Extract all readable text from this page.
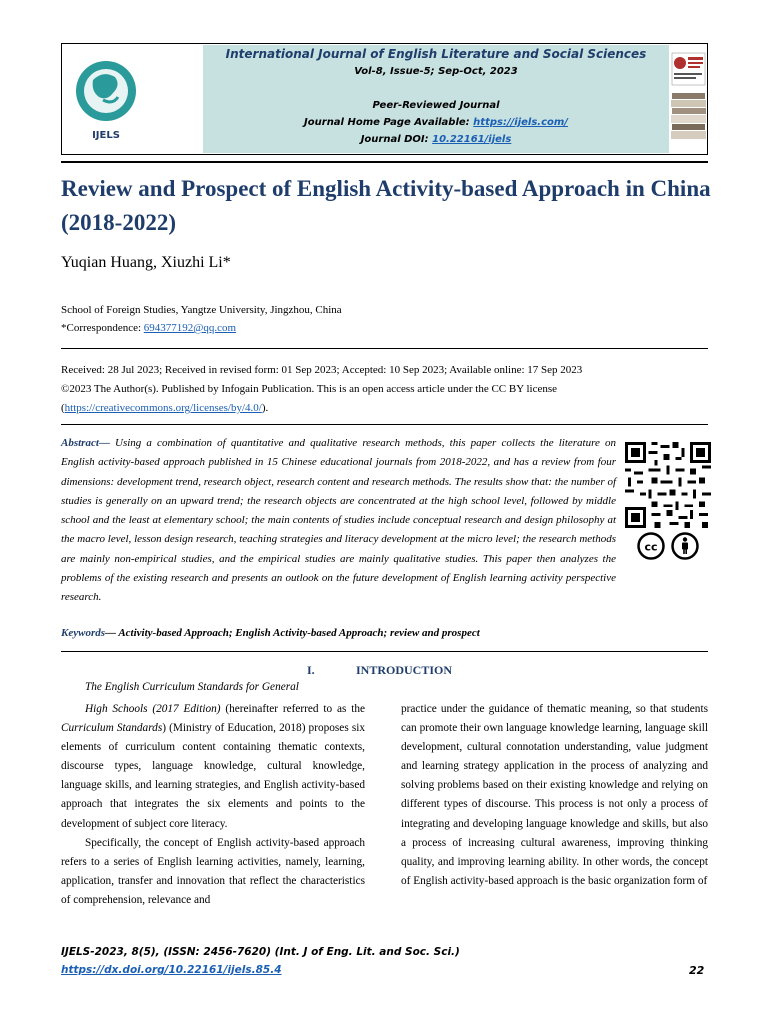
IJELS
International Journal of English Literature and Social Sciences
Vol-8, Issue-5; Sep-Oct, 2023
Peer-Reviewed Journal
Journal Home Page Available: https://ijels.com/
Journal DOI: 10.22161/ijels
Review and Prospect of English Activity-based Approach in China (2018-2022)
Yuqian Huang, Xiuzhi Li*
School of Foreign Studies, Yangtze University, Jingzhou, China
*Correspondence: 694377192@qq.com
Received: 28 Jul 2023; Received in revised form: 01 Sep 2023; Accepted: 10 Sep 2023; Available online: 17 Sep 2023
©2023 The Author(s). Published by Infogain Publication. This is an open access article under the CC BY license
(https://creativecommons.org/licenses/by/4.0/).
Abstract— Using a combination of quantitative and qualitative research methods, this paper collects the literature on English activity-based approach published in 15 Chinese educational journals from 2018-2022, and has a review from four dimensions: development trend, research object, research content and research methods. The results show that: the number of studies is generally on an upward trend; the research objects are concentrated at the high school level, followed by middle school and the least at elementary school; the main contents of studies include conceptual research and design philosophy at the macro level, lesson design research, teaching strategies and literacy development at the micro level; the research methods are mainly non-empirical studies, and the empirical studies are mainly qualitative studies. This paper then analyzes the problems of the existing research and presents an outlook on the future development of English learning activity perspective research.
cc
Keywords— Activity-based Approach; English Activity-based Approach; review and prospect
I.	INTRODUCTION
The English Curriculum Standards for General

High Schools (2017 Edition) (hereinafter referred to as the Curriculum Standards) (Ministry of Education, 2018) proposes six elements of curriculum content containing thematic contexts, discourse types, language knowledge, cultural knowledge, language skills, and learning strategies, and English activity-based approach that integrates the six elements and points to the development of subject core literacy.

Specifically, the concept of English activity-based approach refers to a series of English learning activities, namely, learning, application, transfer and innovation that reflect the characteristics of comprehension, relevance and

practice under the guidance of thematic meaning, so that students can promote their own language knowledge learning, language skill development, cultural connotation understanding, value judgment and learning strategy application in the process of analyzing and solving problems based on their existing knowledge and relying on different types of discourse. This process is not only a process of integrating and developing language knowledge and skills, but also a process of increasing cultural awareness, improving thinking quality, and improving learning ability. In other words, the concept of English activity-based approach is the basic organization form of

IJELS-2023, 8(5), (ISSN: 2456-7620) (Int. J of Eng. Lit. and Soc. Sci.)
https://dx.doi.org/10.22161/ijels.85.4	22
